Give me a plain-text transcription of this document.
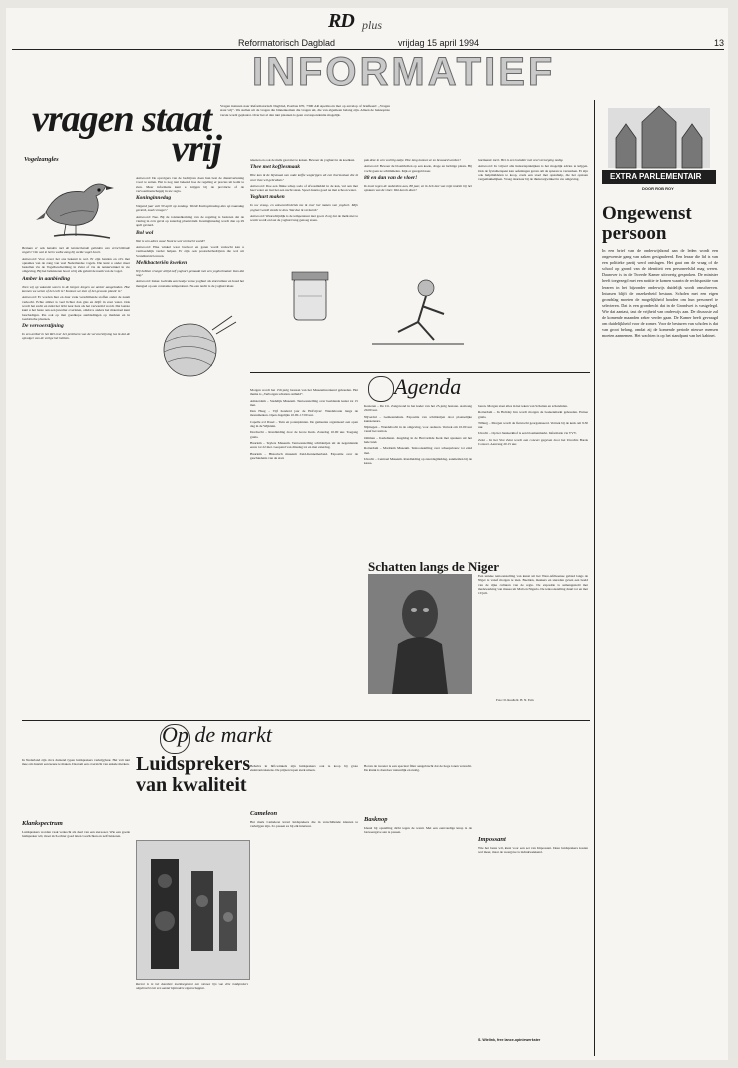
RD plus
Reformatorisch Dagblad	vrijdag 15 april 1994	13
INFORMATIEF
vragen staat
vrij
Vragen insturen naar Reformatorisch Dagblad, Postbus 670, 7300 AR Apeldoorn met op envelop of briefkaart: „Vragen staat vrij”. We stellen uit de vragen die binnenkomen die vragen uit, die van algemeen belang zijn. Alleen de beknoptste versie wordt geplaatst. Over het al dan niet plaatsen is geen correspondentie mogelijk.
Vogelzangles

Bestaan er ook banden met de kenmerkende geluiden van verschillende vogels? Om wat te leren welke zang bij welke vogel hoort.

Antwoord: Voor zover het ons bekend is wel. Er zijn banden en cd's met opnames van de zang van veel Nederlandse vogels. Die kunt u onder meer bestellen via de Vogelbescherming in Zeist of via de natuurwinkel in uw omgeving. Bij het beluisteren hoort u bij elk geluid de naam van de vogel.

Amber in aanbieding

Toen wij op vakantie waren in de bergen kregen we amber aangeboden. Hoe kunnen we weten of het echt is? Kunnen we zien of het gewoon plastic is?

Antwoord: Er worden hier en daar vaak verschillende stoffen onder de naam verkocht. Echte amber is veel lichter dan glas en drijft in zout water. Ook wordt het zacht en ruikt het licht naar hars als het verwarmd wordt. Dat laatste kunt u het beste aan een juwelier overlaten, omdat u anders het materiaal kunt beschadigen. Pas ook op met goedkope aanbiedingen op markten en in toeristische plaatsen.

De vervoerstijning

In een artikel in het RD over het probleem van de vervoerstijning las ik dat de opvolger van de vorige het hebben.

Antwoord: De opvolgers van de bedrijven doen hun best de dienstverlening voort te zetten. Het is nog niet bekend hoe de regeling er precies uit komt te zien. Meer informatie kunt u krijgen bij de provincie of de vervoermaatschappij in uw regio.

Koninginnedag

Volgend jaar valt 30 april op zondag. Wordt Koninginnedag dan op maandag gevierd, zoals vroeger?

Antwoord: Nee. Bij de totstandkoming van de regeling is besloten dat de viering in zo'n geval op zaterdag plaatsvindt. Koninginnedag wordt dan op 29 april gevierd.

Bol wol

Wat is een adres waar Noorse wol verkocht wordt?

Antwoord: Elke winkel waar breiwol en garen wordt verkocht kan u vermoedelijk verder helpen. Er zijn ook postorderbedrijven die wol uit Scandinavië leveren.

Melkbacteriën kweken

Wij hebben vroeger altijd zelf yoghurt gemaakt met een yoghurtmaker. Kan dat nog?

Antwoord: Zeker. Gebruik een beetje verse yoghurt als startcultuur en houd het mengsel op een constante temperatuur. Na een nacht is de yoghurt klaar.

tekenen en ook de melk gaat niet te koken. Bewaar de yoghurt in de koelkast.

Thee met koffiesmaak

Hoe kan ik de bijsmaak van oude koffie wegkrijgen uit een thermoskan die ik voor thee wil gebruiken?

Antwoord: Doe een flinke schep soda of afwasmiddel in de kan, vul aan met heet water en laat het een nacht staan. Spoel daarna goed na met schoon water.

Yoghurt maken

In uw vraag- en antwoordrubriek las ik over het maken van yoghurt. Mijn yoghurt wordt steeds te dun. Wat doe ik verkeerd?

Antwoord: Waarschijnlijk is de temperatuur niet goed. Zorg dat de melk niet te warm wordt en laat de yoghurt lang genoeg staan.

pak deze in een vochtig zakje. Hoe lang kunnen ze zo bewaard worden?

Antwoord: Bewaar de bloembollen op een koele, droge en luchtige plaats. Bij vocht gaan ze schimmelen. Kijk er geregeld naar.

88 en dan van de vloer!

Ik moet tegen de ouderdom aan, 88 jaar, en ik heb last van mijn knieën bij het opstaan van de vloer. Wat kan ik doen?

hoeilaaste toert. Het is een huisdier met veel verzorging nodig.

Antwoord: In vrijwel alle huisartspraktijken is het mogelijk advies te krijgen. Ook de fysiotherapeut kan oefeningen geven om de spieren te versterken. Er zijn ook hulpmiddelen te koop, zoals een stoel met opstahulp, die het opstaan vergemakkelijken. Vraag daarnaar bij de thuiszorgwinkel in uw omgeving.

Agenda

Morgen wordt het 150-jarig bestaan van het Museumwerkend gehouden. Het thema is „Verborgen schatten onthuld”.

Amsterdam – Stedelijk Museum. Tentoonstelling over beeldende kunst tot 15 mei.

Den Haag – Vijf honderd jaar de Hofvijver: Wandelroute langs de monumenten. Open dagelijks 10.00–17.00 uur.

Capelle a/d IJssel – Tuin en potenplanten. De gemeente organiseert een open dag in de Wijktuin.

Dordrecht – Rondleiding door de Grote Kerk. Zaterdag 10.00 uur. Toegang gratis.

Haarlem – Teylers Museum. Tentoonstelling schilderijen uit de negentiende eeuw tot 22 mei. Geopend van dinsdag tot en met zaterdag.

Haarlem – Historisch museum Zuid-Kennemerland. Expositie over de geschiedenis van de stad.

Kesteren – De Cit. Zangavond in het kader van het 25-jarig bestaan. Aanvang 20.00 uur.

Nijverdal – Gemeentehuis. Expositie van schilderijen door plaatselijke kunstenaars.

Nijmegen – Wandeltocht in de omgeving, voor ouderen. Vertrek om 10.00 uur vanaf het station.

Ommen – Kerkdienst. Jeugddag in de Hervormde Kerk met sprekers uit het hele land.

Rotterdam – Maritiem Museum. Tentoonstelling over scheepsbouw tot eind mei.

Utrecht – Centraal Museum. Rondleiding op zaterdagmiddag, aanmelden bij de kassa.

beren. Morgen staat alles in het teken van Schatten en schandalen.

Rotterdam – In Holiday Inn wordt morgen de boekenmarkt gehouden. Entree gratis.

Tilburg – Morgen wordt de fietstocht georganiseerd. Vertrek bij de kerk om 9.30 uur.

Utrecht – Op het Janskerkhof is een bloemenmarkt. Informatie via VVV.

Zeist – In het Slot Zeist wordt een concert gegeven door het Utrechts Barok Consort. Aanvang 20.15 uur.

Schatten langs de Niger
Een unieke tentoonstelling van kunst uit het West-Afrikaanse gebied langs de Niger is vanaf morgen te zien. Beelden, maskers en sieraden geven een beeld van de rijke culturen van de regio. De expositie is samengesteld met medewerking van musea uit Mali en Nigeria. De tentoonstelling duurt tot en met 10 juli.
Foto: D. Rouhs R. H. N. Fein
Op de markt
In Nederland zijn circa duizend typen luidsprekers verkrijgbaar. Het valt niet mee om daaruit een keuze te maken. Daarom een overzicht van enkele merken.
Klankspectrum
Luidsprekers worden vaak verkocht als deel van een stereoset. Wie een goede luidspreker wil, moet zich echter goed laten voorlichten en zelf luisteren.
Luidsprekers van kwaliteit
Recent is in het duurdere marktsegment een nieuwe lijn van drie luidsprekers uitgebracht met een aantal bijzondere eigenschappen.
Behalve in hifi-winkels zijn luidsprekers ook te koop bij grote elektronicaketens. De prijzen lopen sterk uiteen.
Cameleon
Het merk Cameleon levert luidsprekers die in verschillende kleuren te verkrijgen zijn. Zo passen ze bij elk interieur.
Boven de tweeter is een speciaal filter aangebracht dat de hoge tonen verzacht. De klank is daardoor natuurlijk en rustig.
Basknop
Ideaal bij opstelling dicht tegen de wand. Met een eenvoudige knop is de basweergave aan te passen.
Impossant
Wie het beste wil, kiest voor een set van Impossant. Deze luidsprekers kosten wel meer, maar de weergave is indrukwekkend.
S. Wielink, free lance-opiniewerkster
EXTRA PARLEMENTAIR
DOOR ROB ROY
Ongewenst
persoon
In een brief van de onderwijsbond aan de leden wordt een ongewenste gang van zaken gesignaleerd. Een leraar die lid is van een politieke partij werd ontslagen. Het gaat om de vraag of de school op grond van de identiteit een personeelslid mag weren. Daarover is in de Tweede Kamer uitvoerig gesproken. De minister heeft toegezegd met een notitie te komen waarin de rechtspositie van leraren in het bijzonder onderwijs duidelijk wordt omschreven. Intussen blijft de onzekerheid bestaan. Scholen met een eigen grondslag moeten de mogelijkheid houden om hun personeel te selecteren. Dat is een grondrecht dat in de Grondwet is vastgelegd. Wie dat aantast, tast de vrijheid van onderwijs aan. De discussie zal de komende maanden zeker verder gaan. De Kamer heeft gevraagd om duidelijkheid voor de zomer. Voor de besturen van scholen is dat van groot belang, omdat zij de komende periode nieuwe mensen moeten aannemen. Het wachten is op het standpunt van het kabinet.
